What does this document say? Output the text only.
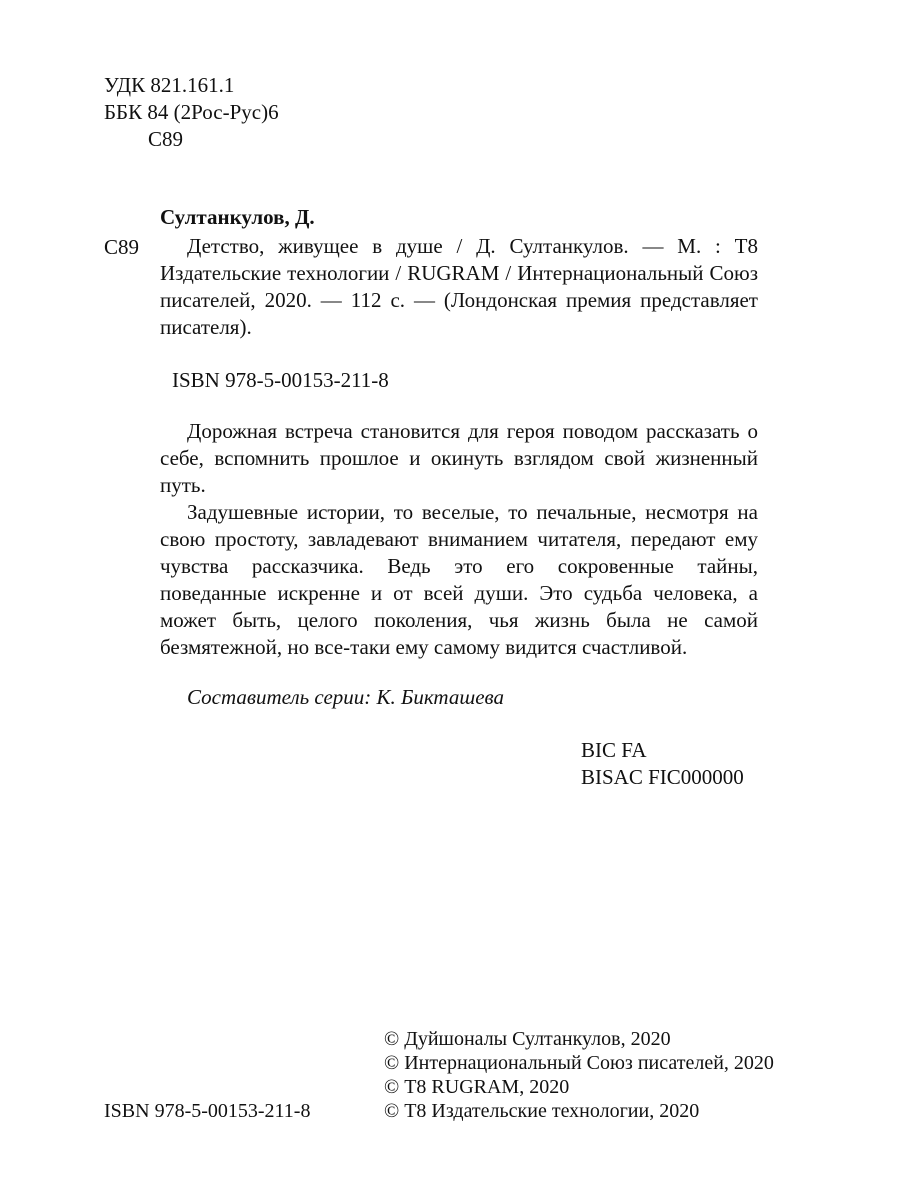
УДК 821.161.1
ББК 84 (2Рос-Рус)6
С89
Султанкулов, Д.
С89	Детство, живущее в душе / Д. Султанкулов. — М. : Т8 Издательские технологии / RUGRAM / Интернациональный Союз писателей, 2020. — 112 с. — (Лондонская премия представляет писателя).

ISBN 978-5-00153-211-8

Дорожная встреча становится для героя поводом рассказать о себе, вспомнить прошлое и окинуть взглядом свой жизненный путь.

Задушевные истории, то веселые, то печальные, несмотря на свою простоту, завладевают вниманием читателя, передают ему чувства рассказчика. Ведь это его сокровенные тайны, поведанные искренне и от всей души. Это судьба человека, а может быть, целого поколения, чья жизнь была не самой безмятежной, но все-таки ему самому видится счастливой.

Составитель серии: К. Бикташева
BIC FA
BISAC FIC000000
ISBN 978-5-00153-211-8
© Дуйшоналы Султанкулов, 2020
© Интернациональный Союз писателей, 2020
© Т8 RUGRAM, 2020
© Т8 Издательские технологии, 2020
